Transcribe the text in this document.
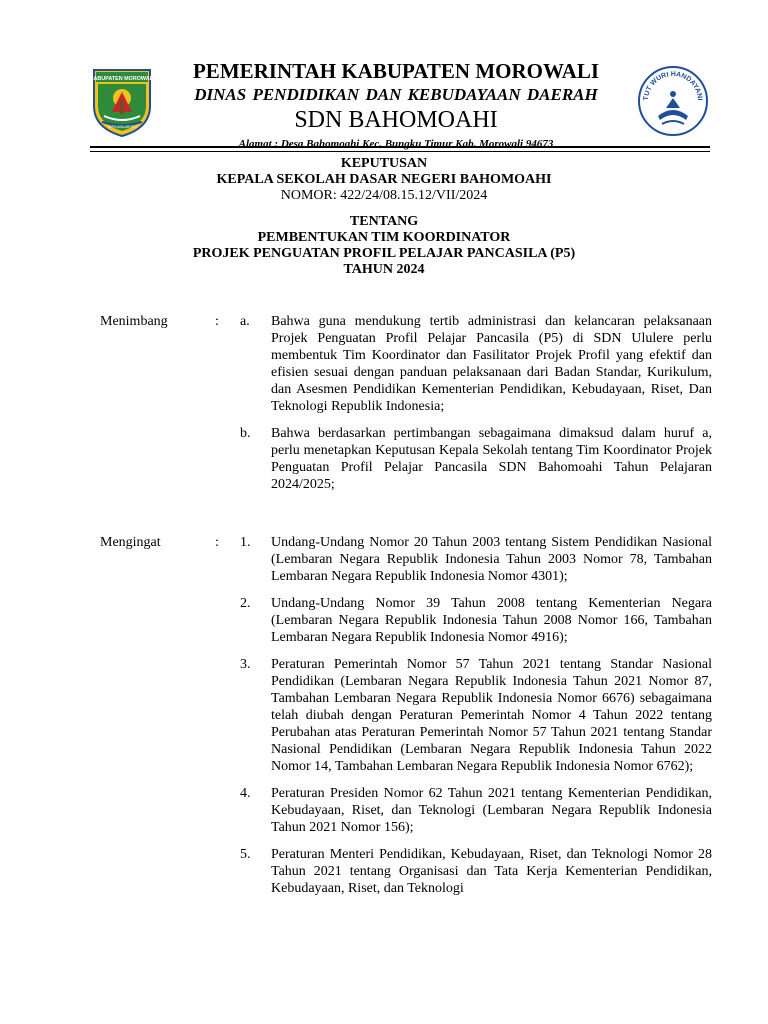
KABUPATEN MOROWALI
TEPO ASA AROPU
PEMERINTAH KABUPATEN MOROWALI
DINAS PENDIDIKAN DAN KEBUDAYAAN DAERAH
SDN BAHOMOAHI
Alamat : Desa Bahomoahi Kec. Bungku Timur Kab. Morowali 94673
TUT WURI HANDAYANI
KEPUTUSAN
KEPALA SEKOLAH DASAR NEGERI BAHOMOAHI
NOMOR: 422/24/08.15.12/VII/2024
TENTANG
PEMBENTUKAN TIM KOORDINATOR
PROJEK PENGUATAN PROFIL PELAJAR PANCASILA (P5)
TAHUN 2024
Menimbang	: a. Bahwa guna mendukung tertib administrasi dan kelancaran pelaksanaan Projek Penguatan Profil Pelajar Pancasila (P5) di SDN Ululere perlu membentuk Tim Koordinator dan Fasilitator Projek Profil yang efektif dan efisien sesuai dengan panduan pelaksanaan dari Badan Standar, Kurikulum, dan Asesmen Pendidikan Kementerian Pendidikan, Kebudayaan, Riset, Dan Teknologi Republik Indonesia;
b. Bahwa berdasarkan pertimbangan sebagaimana dimaksud dalam huruf a, perlu menetapkan Keputusan Kepala Sekolah tentang Tim Koordinator Projek Penguatan Profil Pelajar Pancasila SDN Bahomoahi Tahun Pelajaran 2024/2025;
Mengingat	: 1. Undang-Undang Nomor 20 Tahun 2003 tentang Sistem Pendidikan Nasional (Lembaran Negara Republik Indonesia Tahun 2003 Nomor 78, Tambahan Lembaran Negara Republik Indonesia Nomor 4301);
2. Undang-Undang Nomor 39 Tahun 2008 tentang Kementerian Negara (Lembaran Negara Republik Indonesia Tahun 2008 Nomor 166, Tambahan Lembaran Negara Republik Indonesia Nomor 4916);
3. Peraturan Pemerintah Nomor 57 Tahun 2021 tentang Standar Nasional Pendidikan (Lembaran Negara Republik Indonesia Tahun 2021 Nomor 87, Tambahan Lembaran Negara Republik Indonesia Nomor 6676) sebagaimana telah diubah dengan Peraturan Pemerintah Nomor 4 Tahun 2022 tentang Perubahan atas Peraturan Pemerintah Nomor 57 Tahun 2021 tentang Standar Nasional Pendidikan (Lembaran Negara Republik Indonesia Tahun 2022 Nomor 14, Tambahan Lembaran Negara Republik Indonesia Nomor 6762);
4. Peraturan Presiden Nomor 62 Tahun 2021 tentang Kementerian Pendidikan, Kebudayaan, Riset, dan Teknologi (Lembaran Negara Republik Indonesia Tahun 2021 Nomor 156);
5. Peraturan Menteri Pendidikan, Kebudayaan, Riset, dan Teknologi Nomor 28 Tahun 2021 tentang Organisasi dan Tata Kerja Kementerian Pendidikan, Kebudayaan, Riset, dan Teknologi
